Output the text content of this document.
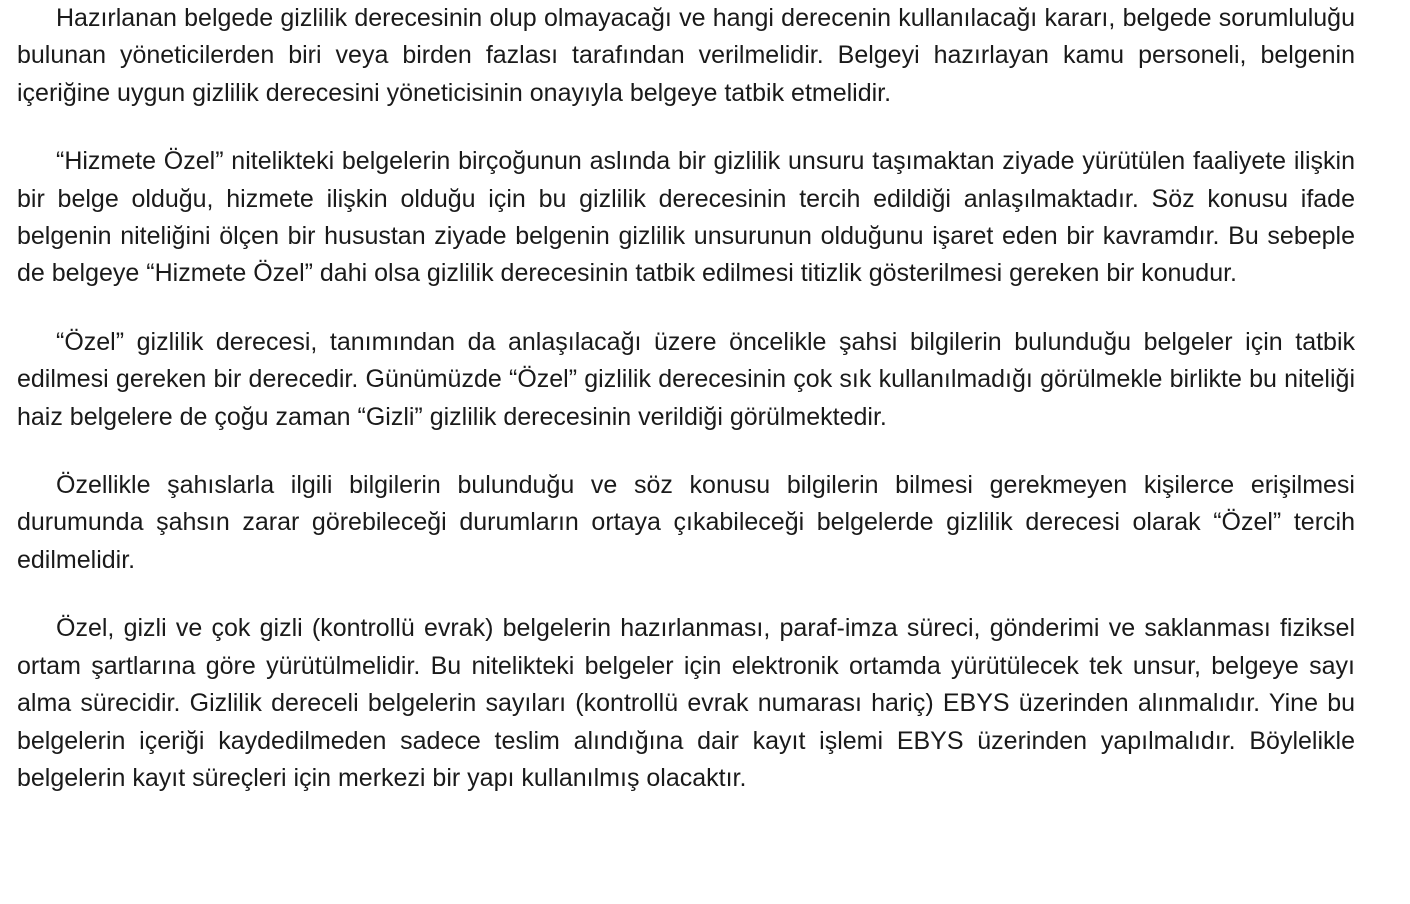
Hazırlanan belgede gizlilik derecesinin olup olmayacağı ve hangi derecenin kullanılacağı kararı, belgede sorumluluğu bulunan yöneticilerden biri veya birden fazlası tarafından verilmelidir. Belgeyi hazırlayan kamu personeli, belgenin içeriğine uygun gizlilik derecesini yöneticisinin onayıyla belgeye tatbik etmelidir.

“Hizmete Özel” nitelikteki belgelerin birçoğunun aslında bir gizlilik unsuru taşımaktan ziyade yürütülen faaliyete ilişkin bir belge olduğu, hizmete ilişkin olduğu için bu gizlilik derecesinin tercih edildiği anlaşılmaktadır. Söz konusu ifade belgenin niteliğini ölçen bir husustan ziyade belgenin gizlilik unsurunun olduğunu işaret eden bir kavramdır. Bu sebeple de belgeye “Hizmete Özel” dahi olsa gizlilik derecesinin tatbik edilmesi titizlik gösterilmesi gereken bir konudur.

“Özel” gizlilik derecesi, tanımından da anlaşılacağı üzere öncelikle şahsi bilgilerin bulunduğu belgeler için tatbik edilmesi gereken bir derecedir. Günümüzde “Özel” gizlilik derecesinin çok sık kullanılmadığı görülmekle birlikte bu niteliği haiz belgelere de çoğu zaman “Gizli” gizlilik derecesinin verildiği görülmektedir.

Özellikle şahıslarla ilgili bilgilerin bulunduğu ve söz konusu bilgilerin bilmesi gerekmeyen kişilerce erişilmesi durumunda şahsın zarar görebileceği durumların ortaya çıkabileceği belgelerde gizlilik derecesi olarak “Özel” tercih edilmelidir.

Özel, gizli ve çok gizli (kontrollü evrak) belgelerin hazırlanması, paraf-imza süreci, gönderimi ve saklanması fiziksel ortam şartlarına göre yürütülmelidir. Bu nitelikteki belgeler için elektronik ortamda yürütülecek tek unsur, belgeye sayı alma sürecidir. Gizlilik dereceli belgelerin sayıları (kontrollü evrak numarası hariç) EBYS üzerinden alınmalıdır. Yine bu belgelerin içeriği kaydedilmeden sadece teslim alındığına dair kayıt işlemi EBYS üzerinden yapılmalıdır. Böylelikle belgelerin kayıt süreçleri için merkezi bir yapı kullanılmış olacaktır.
